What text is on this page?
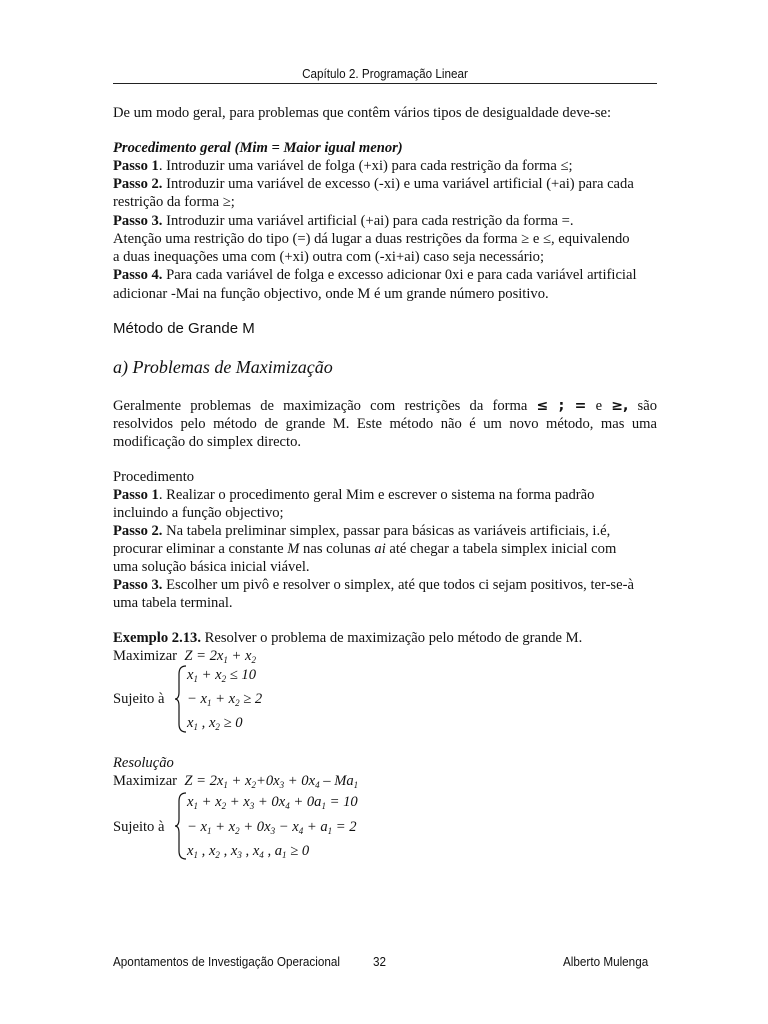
Capítulo 2. Programação Linear
De um modo geral, para problemas que contêm vários tipos de desigualdade deve-se:
Procedimento geral (Mim = Maior igual menor)
Passo 1. Introduzir uma variável de folga (+xi) para cada restrição da forma ≤;
Passo 2. Introduzir uma variável de excesso (-xi) e uma variável artificial (+ai) para cada
restrição da forma ≥;
Passo 3. Introduzir uma variável artificial (+ai) para cada restrição da forma =.
Atenção uma restrição do tipo (=) dá lugar a duas restrições da forma ≥ e ≤, equivalendo
a duas inequações uma com (+xi) outra com (-xi+ai) caso seja necessário;
Passo 4. Para cada variável de folga e excesso adicionar 0xi e para cada variável artificial
adicionar -Mai na função objectivo, onde M é um grande número positivo.
Método de Grande M
a) Problemas de Maximização
Geralmente problemas de maximização com restrições da forma ≤ ; = e ≥, são
resolvidos pelo método de grande M. Este método não é um novo método, mas uma
modificação do simplex directo.
Procedimento
Passo 1. Realizar o procedimento geral Mim e escrever o sistema na forma padrão
incluindo a função objectivo;
Passo 2. Na tabela preliminar simplex, passar para básicas as variáveis artificiais, i.é,
procurar eliminar a constante M nas colunas ai até chegar a tabela simplex inicial com
uma solução básica inicial viável.
Passo 3. Escolher um pivô e resolver o simplex, até que todos ci sejam positivos, ter-se-à
uma tabela terminal.
Exemplo 2.13. Resolver o problema de maximização pelo método de grande M.
Maximizar $Z = 2x_1 + x_2$
Sujeito à
$x_1 + x_2 \le 10$
− $x_1 + x_2 \ge 2$
$x_1$ , $x_2 \ge 0$
Resolução
Maximizar $Z = 2x_1 + x_2+0x_3 + 0x_4 - Ma_1$
Sujeito à
$x_1 + x_2 + x_3 + 0x_4 + 0a_1 = 10$
− $x_1 + x_2 + 0x_3 - x_4 + a_1 = 2$
$x_1$ , $x_2$ , $x_3$ , $x_4$ , $a_1 \ge 0$
Apontamentos de Investigação Operacional	32	Alberto Mulenga
